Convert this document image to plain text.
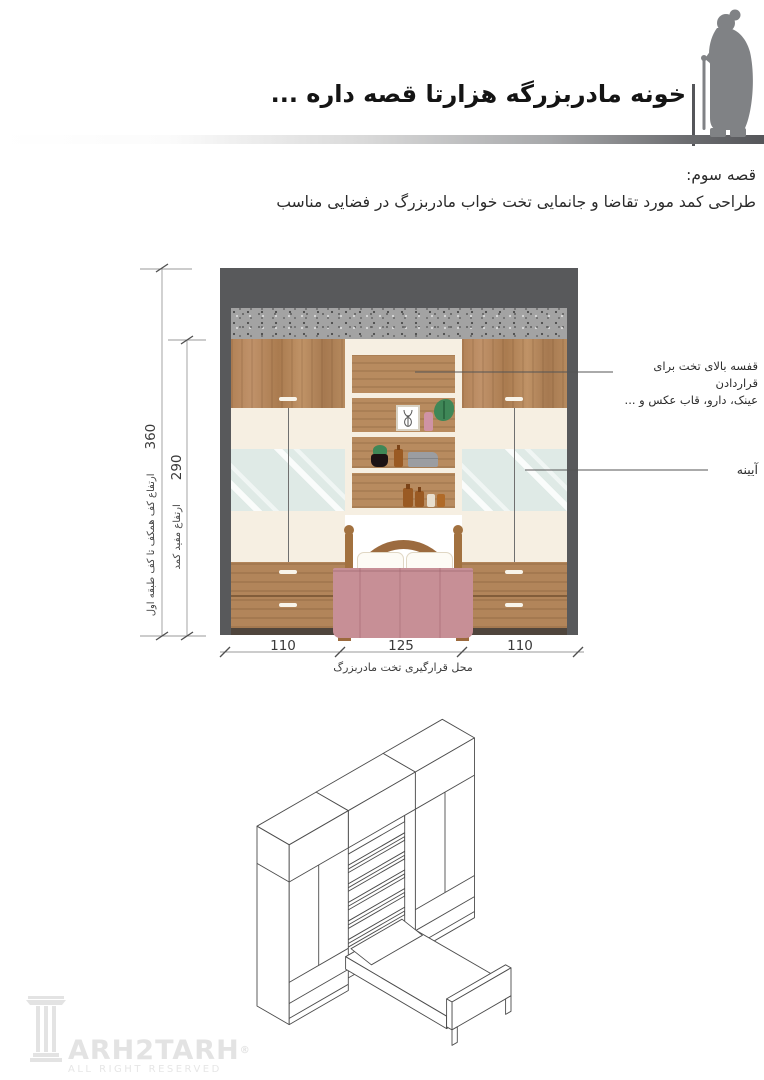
خونه مادربزرگه هزارتا قصه داره ...
قصه سوم:
طراحی کمد مورد تقاضا و جانمایی تخت خواب مادربزرگ در فضایی مناسب
360
ارتفاع کف همکف تا کف طبقه اول
290
ارتفاع مفید کمد
110	125	110
محل قرارگیری تخت مادربزرگ
قفسه بالای تخت برای قراردادن
عینک، دارو، قاب عکس و ...
آیینه
ARH2TARH®
ALL RIGHT RESERVED
